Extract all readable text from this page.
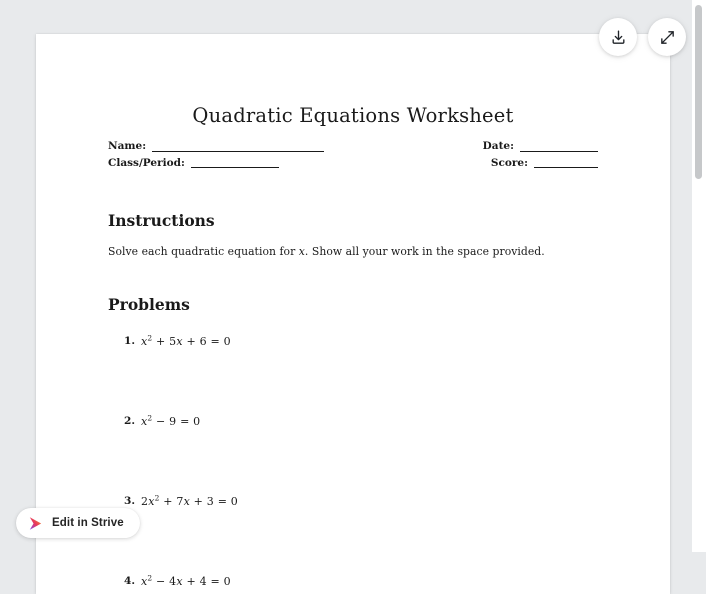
Quadratic Equations Worksheet
Name:	Date:
Class/Period:	Score:
Instructions

Solve each quadratic equation for x. Show all your work in the space provided.

Problems
1. $x^2 + 5x + 6 = 0$
2. $x^2 - 9 = 0$
3. $2x^2 + 7x + 3 = 0$
4. $x^2 - 4x + 4 = 0$
Edit in Strive
